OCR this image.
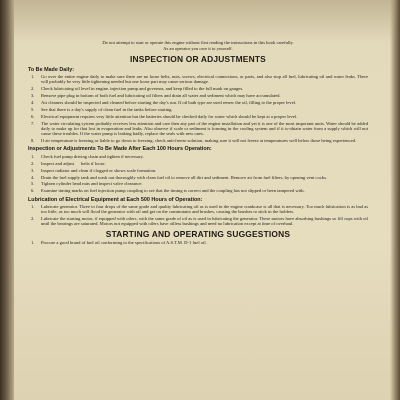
Do not attempt to start or operate this engine without first reading the instructions in this book carefully.

As an operator you owe it to yourself.

INSPECTION OR ADJUSTMENTS
To Be Made Daily:
1.	Go over the entire engine daily to make sure there are no loose belts, nuts, screws, electrical connections, or parts, and also stop all fuel, lubricating oil and water leaks. There will probably be very little tightening needed but one loose part may cause serious damage.
2.	Check lubricating oil level in engine, injection pump and governor, and keep filled to the full mark on gauges.
3.	Remove pipe plug in bottom of both fuel and lubricating oil filters and drain all water and sediment which may have accumulated.
4.	Air cleaners should be inspected and cleaned before starting the day's run. If oil bath type are used renew the oil, filling to the proper level.
5.	See that there is a day's supply of clean fuel in the tanks before starting.
6.	Electrical equipment requires very little attention but the batteries should be checked daily for water which should be kept at a proper level.
7.	The water circulating system probably receives less attention and care then any part of the engine installation and yet it is one of the most important units. Water should be added daily to make up for that lost in evaporation and leaks. Also observe if scale or sediment is forming in the cooling system and if it is-obtain water from a supply which will not cause these troubles. If the water pump is leaking badly, replace the seals with new ones.
8.	If air temperature is freezing or liable to go down to freezing, check anti-freeze solution, making sure it will not freeze at temperatures well below those being experienced.
Inspection or Adjustments To Be Made After Each 100 Hours Operation:
1.	Check fuel pump driving chain and tighten if necessary.
2.	Inspect and adjust      belts if loose.
3.	Inspect radiator and clean if clogged or shows scale formation.
4.	Drain the fuel supply tank and wash out thoroughly with clean fuel oil to remove all dirt and sediment. Remove air from fuel filters, by opening vent cocks.
5.	Tighten cylinder head nuts and inspect valve clearance.
6.	Examine timing marks on fuel injection pump coupling to see that the timing is correct and the coupling has not slipped or been tampered with.
Lubrication of Electrical Equipment at Each 500 Hours of Operation:
1.	Lubricate generator. Three to four drops of the same grade and quality lubricating oil as is used in the engine crankcase is all that is necessary. Too much lubrication is as bad as too little, as too much will flood the generator with oil and get on the commutator and brushes, causing the brushes to stick in the holders.
2.	Lubricate the starting motor, if equipped with oilers, with the same grade of oil as is used in lubricating the generator. These motors have absorbing bushings so fill cups with oil until the bearings are saturated. Motors not equipped with oilers have oilless bushings and need no lubrication except at time of overhaul.
STARTING AND OPERATING SUGGESTIONS
1.	Procure a good brand of fuel oil conforming to the specifications of A.S.T.M. D-1 fuel oil.
